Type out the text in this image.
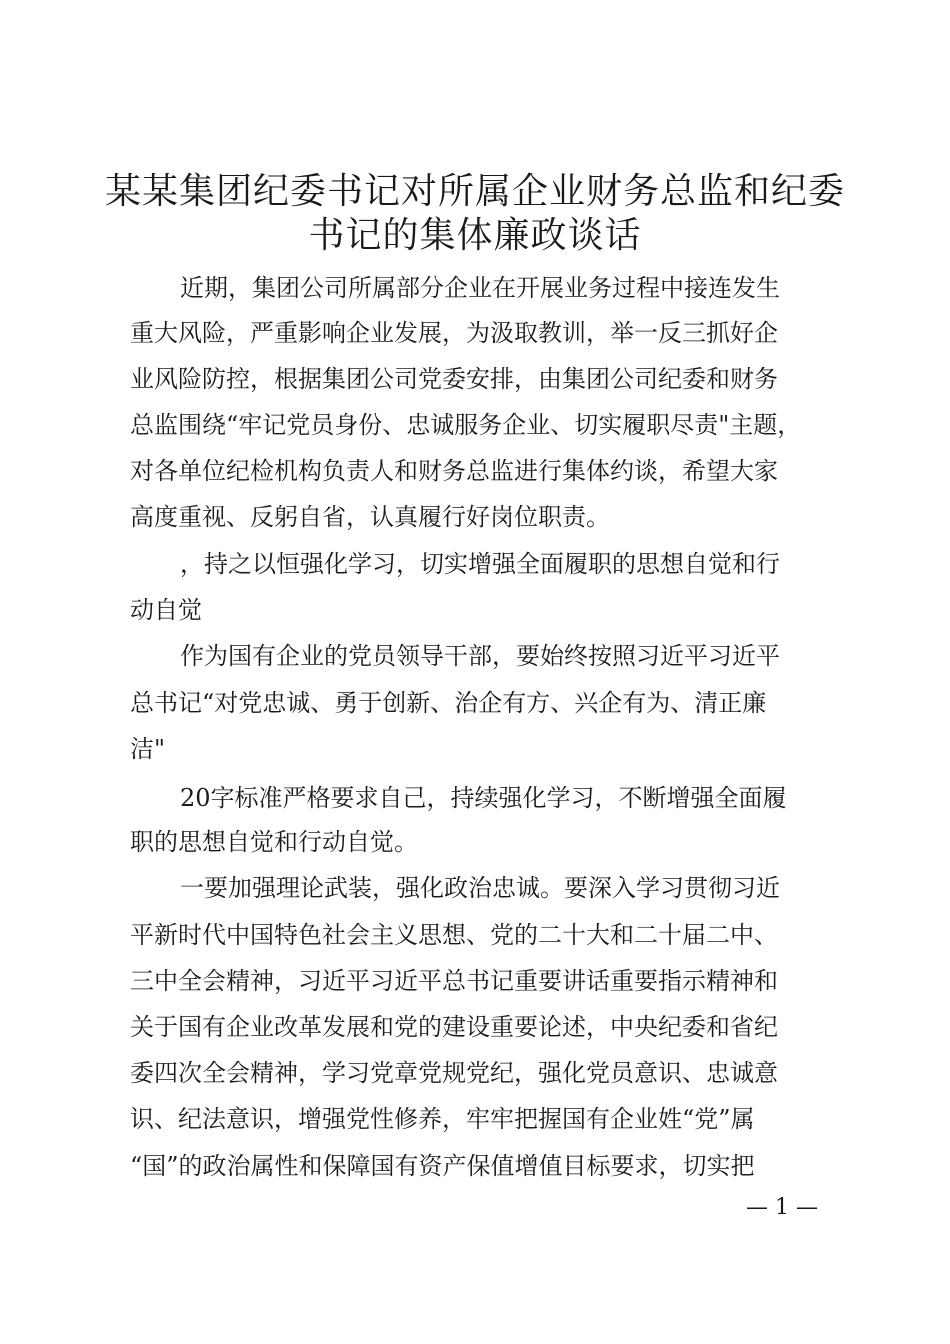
某某集团纪委书记对所属企业财务总监和纪委
书记的集体廉政谈话
近期，集团公司所属部分企业在开展业务过程中接连发生
重大风险，严重影响企业发展，为汲取教训，举一反三抓好企
业风险防控，根据集团公司党委安排，由集团公司纪委和财务
总监围绕“牢记党员身份、忠诚服务企业、切实履职尽责"主题，
对各单位纪检机构负责人和财务总监进行集体约谈，希望大家
高度重视、反躬自省，认真履行好岗位职责。
，持之以恒强化学习，切实增强全面履职的思想自觉和行
动自觉
作为国有企业的党员领导干部，要始终按照习近平习近平
总书记“对党忠诚、勇于创新、治企有方、兴企有为、清正廉
洁"
20字标准严格要求自己，持续强化学习，不断增强全面履
职的思想自觉和行动自觉。
一要加强理论武装，强化政治忠诚。要深入学习贯彻习近
平新时代中国特色社会主义思想、党的二十大和二十届二中、
三中全会精神，习近平习近平总书记重要讲话重要指示精神和
关于国有企业改革发展和党的建设重要论述，中央纪委和省纪
委四次全会精神，学习党章党规党纪，强化党员意识、忠诚意
识、纪法意识，增强党性修养，牢牢把握国有企业姓“党”属
“国”的政治属性和保障国有资产保值增值目标要求，切实把
— 1 —
